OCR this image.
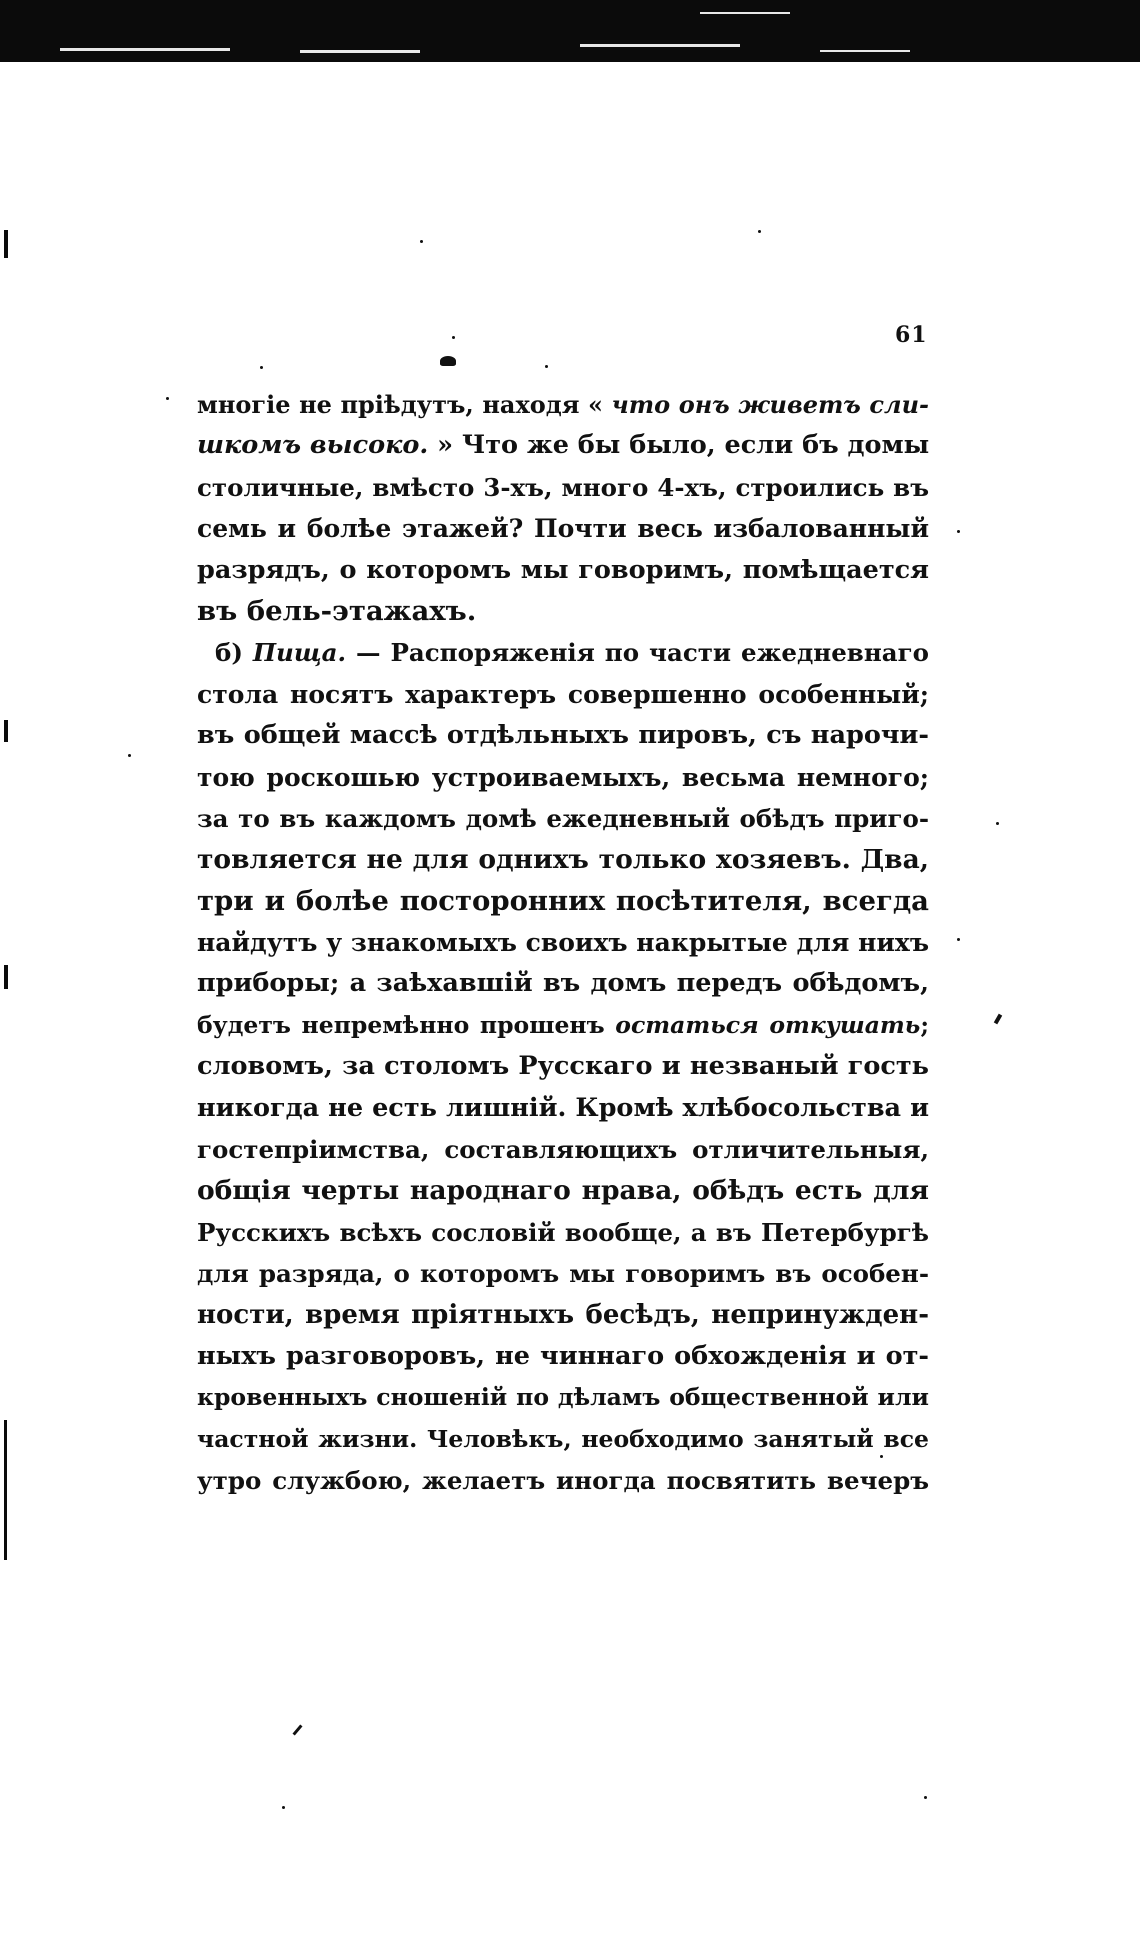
61
многіе не пріѣдутъ, находя « что онъ живетъ сли-
шкомъ высоко. » Что же бы было, если бъ домы
столичные, вмѣсто 3-хъ, много 4-хъ, строились въ
семь и болѣе этажей? Почти весь избалованный
разрядъ, о которомъ мы говоримъ, помѣщается
въ бель-этажахъ.
б) Пища. — Распоряженія по части ежедневнаго
стола носятъ характеръ совершенно особенный;
въ общей массѣ отдѣльныхъ пировъ, съ нарочи-
тою роскошью устроиваемыхъ, весьма немного;
за то въ каждомъ домѣ ежедневный обѣдъ приго-
товляется не для однихъ только хозяевъ. Два,
три и болѣе посторонних посѣтителя, всегда
найдутъ у знакомыхъ своихъ накрытые для нихъ
приборы; а заѣхавшій въ домъ передъ обѣдомъ,
будетъ непремѣнно прошенъ остаться откушать;
словомъ, за столомъ Русскаго и незваный гость
никогда не есть лишній. Кромѣ хлѣбосольства и
гостепріимства, составляющихъ отличительныя,
общія черты народнаго нрава, обѣдъ есть для
Русскихъ всѣхъ сословій вообще, а въ Петербургѣ
для разряда, о которомъ мы говоримъ въ особен-
ности, время пріятныхъ бесѣдъ, непринужден-
ныхъ разговоровъ, не чиннаго обхожденія и от-
кровенныхъ сношеній по дѣламъ общественной или
частной жизни. Человѣкъ, необходимо занятый все
утро службою, желаетъ иногда посвятить вечеръ
